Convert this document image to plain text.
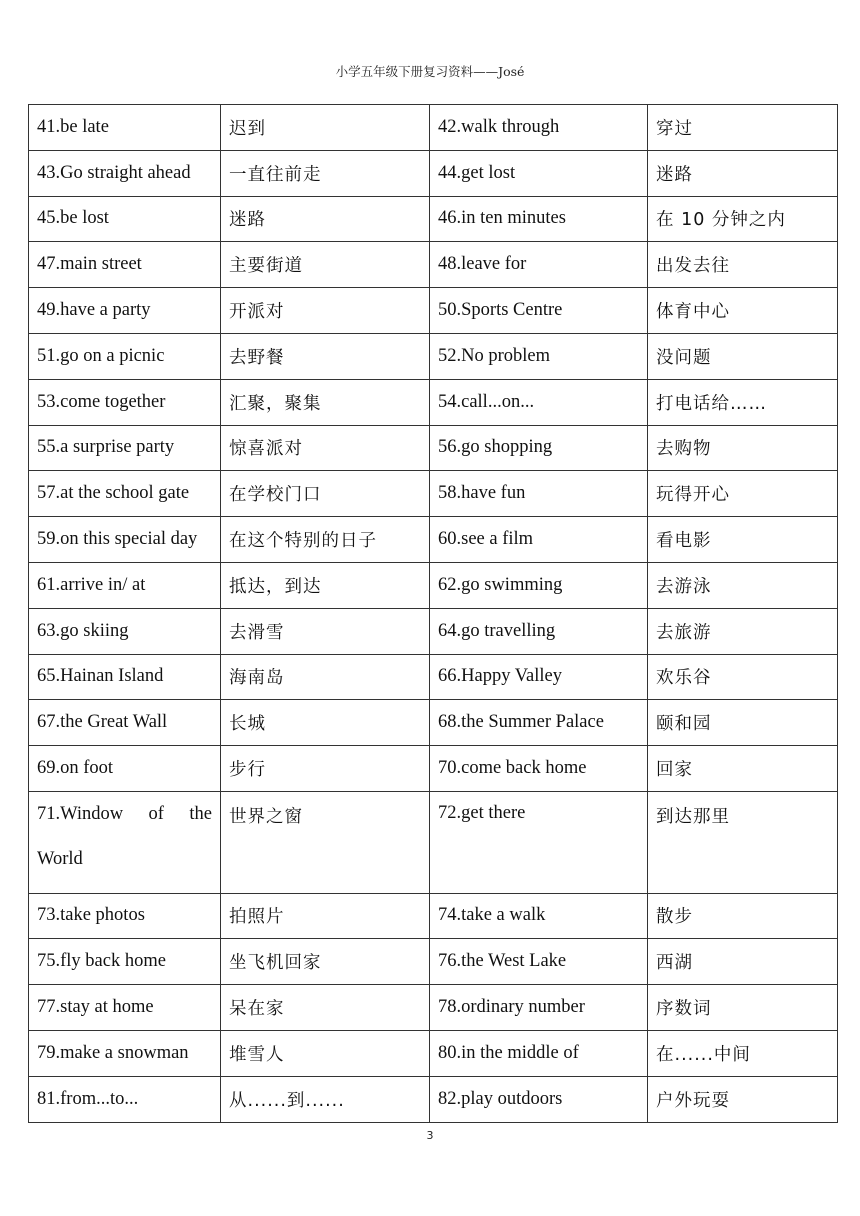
小学五年级下册复习资料——José
41.be late	迟到	42.walk through	穿过
43.Go straight ahead	一直往前走	44.get lost	迷路
45.be lost	迷路	46.in ten minutes	在 10 分钟之内
47.main street	主要街道	48.leave for	出发去往
49.have a party	开派对	50.Sports Centre	体育中心
51.go on a picnic	去野餐	52.No problem	没问题
53.come together	汇聚，聚集	54.call...on...	打电话给……
55.a surprise party	惊喜派对	56.go shopping	去购物
57.at the school gate	在学校门口	58.have fun	玩得开心
59.on this special day	在这个特别的日子	60.see a film	看电影
61.arrive in/ at	抵达，到达	62.go swimming	去游泳
63.go skiing	去滑雪	64.go travelling	去旅游
65.Hainan Island	海南岛	66.Happy Valley	欢乐谷
67.the Great Wall	长城	68.the Summer Palace	颐和园
69.on foot	步行	70.come back home	回家
71.Window of the World	世界之窗	72.get there	到达那里
73.take photos	拍照片	74.take a walk	散步
75.fly back home	坐飞机回家	76.the West Lake	西湖
77.stay at home	呆在家	78.ordinary number	序数词
79.make a snowman	堆雪人	80.in the middle of	在......中间
81.from...to...	从......到......	82.play outdoors	户外玩耍
3
